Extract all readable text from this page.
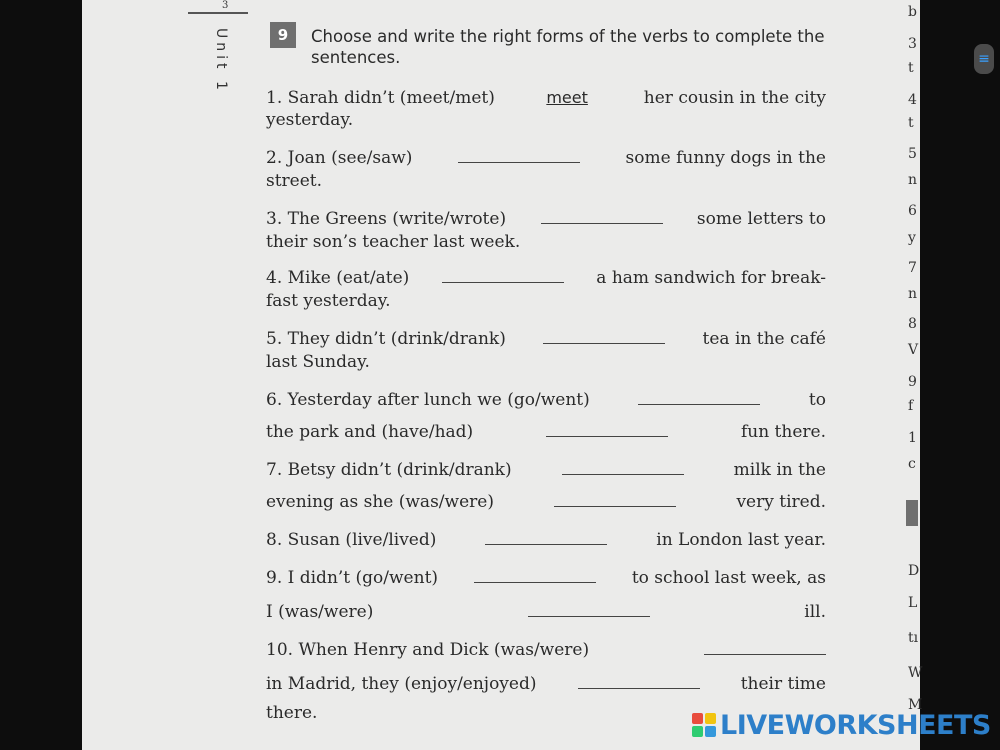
3
Unit 1	9	Choose and write the right forms of the verbs to complete the sentences.
1. Sarah didn’t (meet/met)	meet	her cousin in the city
yesterday.
2. Joan (see/saw)	some funny dogs in the
street.
3. The Greens (write/wrote)	some letters to
their son’s teacher last week.
4. Mike (eat/ate)	a ham sandwich for break-
fast yesterday.
5. They didn’t (drink/drank)	tea in the café
last Sunday.
6. Yesterday after lunch we (go/went)	to
the park and (have/had)	fun there.
7. Betsy didn’t (drink/drank)	milk in the
evening as she (was/were)	very tired.
8. Susan (live/lived)	in London last year.
9. I didn’t (go/went)	to school last week, as
I (was/were)	ill.
10. When Henry and Dick (was/were)
in Madrid, they (enjoy/enjoyed)	their time
there.
b
3
t
4
t
5
n
6
y
7
n
8
V
9
f
1
c
D
L
tı
W
M
≡
LIVEWORKSHEETS
